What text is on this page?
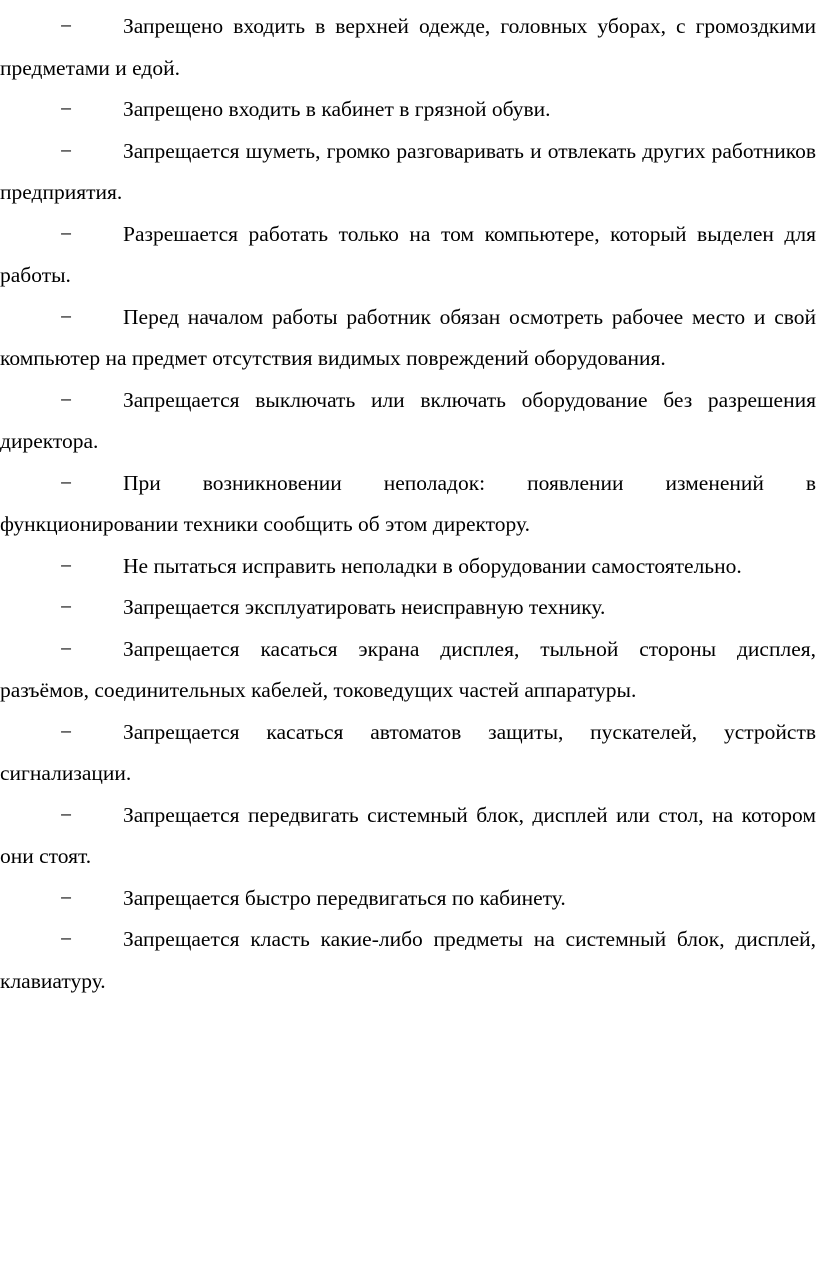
− Запрещено входить в верхней одежде, головных уборах, с громоздкими предметами и едой.

− Запрещено входить в кабинет в грязной обуви.

− Запрещается шуметь, громко разговаривать и отвлекать других работников предприятия.

− Разрешается работать только на том компьютере, который выделен для работы.

− Перед началом работы работник обязан осмотреть рабочее место и свой компьютер на предмет отсутствия видимых повреждений оборудования.

− Запрещается выключать или включать оборудование без разрешения директора.

− При возникновении неполадок: появлении изменений в функционировании техники сообщить об этом директору.

− Не пытаться исправить неполадки в оборудовании самостоятельно.

− Запрещается эксплуатировать неисправную технику.

− Запрещается касаться экрана дисплея, тыльной стороны дисплея, разъёмов, соединительных кабелей, токоведущих частей аппаратуры.

− Запрещается касаться автоматов защиты, пускателей, устройств сигнализации.

− Запрещается передвигать системный блок, дисплей или стол, на котором они стоят.

− Запрещается быстро передвигаться по кабинету.

− Запрещается класть какие-либо предметы на системный блок, дисплей, клавиатуру.
